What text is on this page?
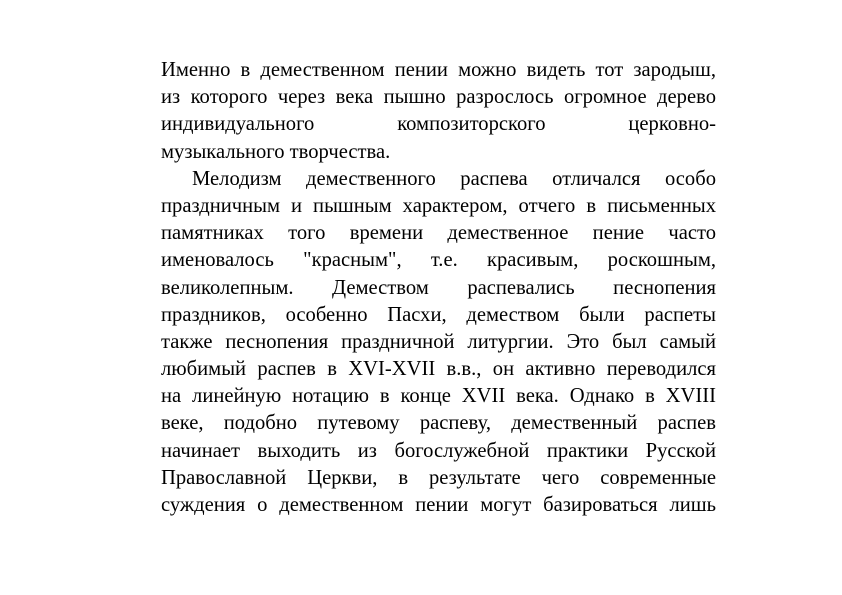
Именно в демественном пении можно видеть тот зародыш,
из которого через века пышно разрослось огромное дерево
индивидуального композиторского церковно-
музыкального творчества.
Мелодизм демественного распева отличался особо
праздничным и пышным характером, отчего в письменных
памятниках того времени демественное пение часто
именовалось "красным", т.е. красивым, роскошным,
великолепным. Демеством распевались песнопения
праздников, особенно Пасхи, демеством были распеты
также песнопения праздничной литургии. Это был самый
любимый распев в XVI-XVII в.в., он активно переводился
на линейную нотацию в конце XVII века. Однако в XVIII
веке, подобно путевому распеву, демественный распев
начинает выходить из богослужебной практики Русской
Православной Церкви, в результате чего современные
суждения о демественном пении могут базироваться лишь
